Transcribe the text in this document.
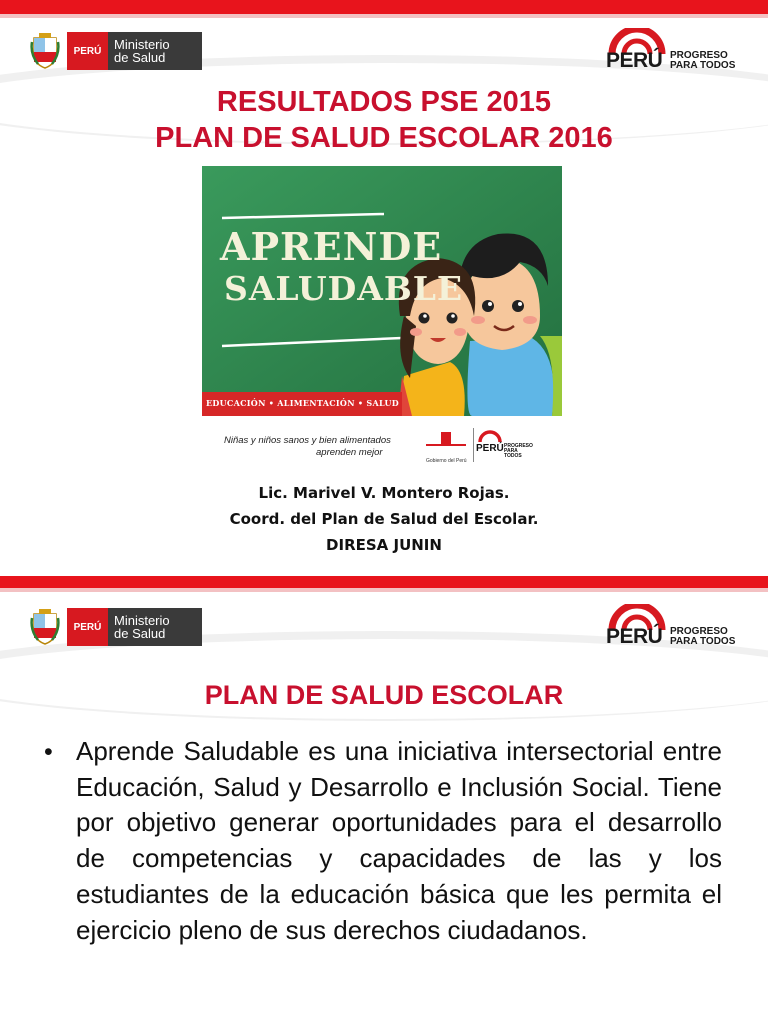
PERÚ Ministerio
de Salud	PERÚ PROGRESO
PARA TODOS
RESULTADOS PSE 2015
PLAN DE SALUD ESCOLAR 2016
APRENDE
SALUDABLE
EDUCACIÓN • ALIMENTACIÓN • SALUD
Niñas y niños sanos y bien alimentados
aprenden mejor
Gobierno del Perú
PERÚ PROGRESO
PARA TODOS
Lic. Marivel V. Montero Rojas.
Coord. del Plan de Salud del Escolar.
DIRESA JUNIN
PERÚ Ministerio
de Salud	PERÚ PROGRESO
PARA TODOS
PLAN DE SALUD ESCOLAR
• Aprende Saludable es una iniciativa intersectorial entre Educación, Salud y Desarrollo e Inclusión Social. Tiene por objetivo generar oportunidades para el desarrollo de competencias y capacidades de las y los estudiantes de la educación básica que les permita el ejercicio pleno de sus derechos ciudadanos.
